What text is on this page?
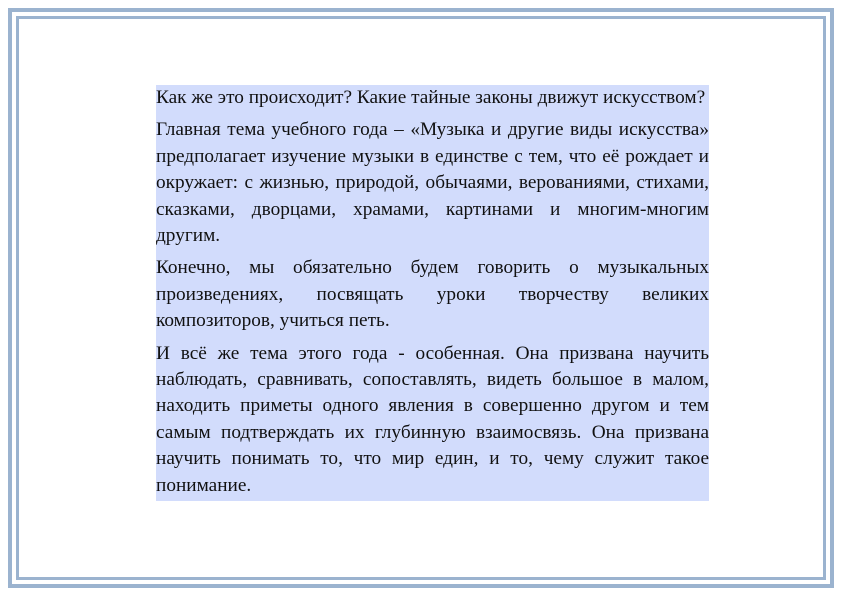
Как же это происходит? Какие тайные законы движут искусством?

Главная тема учебного года – «Музыка и другие виды искусства» предполагает изучение музыки в единстве с тем, что её рождает и окружает: с жизнью, природой, обычаями, верованиями, стихами, сказками, дворцами, храмами, картинами и многим-многим другим.

Конечно, мы обязательно будем говорить о музыкальных произведениях, посвящать уроки творчеству великих композиторов, учиться петь.

И всё же тема этого года - особенная. Она призвана научить наблюдать, сравнивать, сопоставлять, видеть большое в малом, находить приметы одного явления в совершенно другом и тем самым подтверждать их глубинную взаимосвязь. Она призвана научить понимать то, что мир един, и то, чему служит такое понимание.
